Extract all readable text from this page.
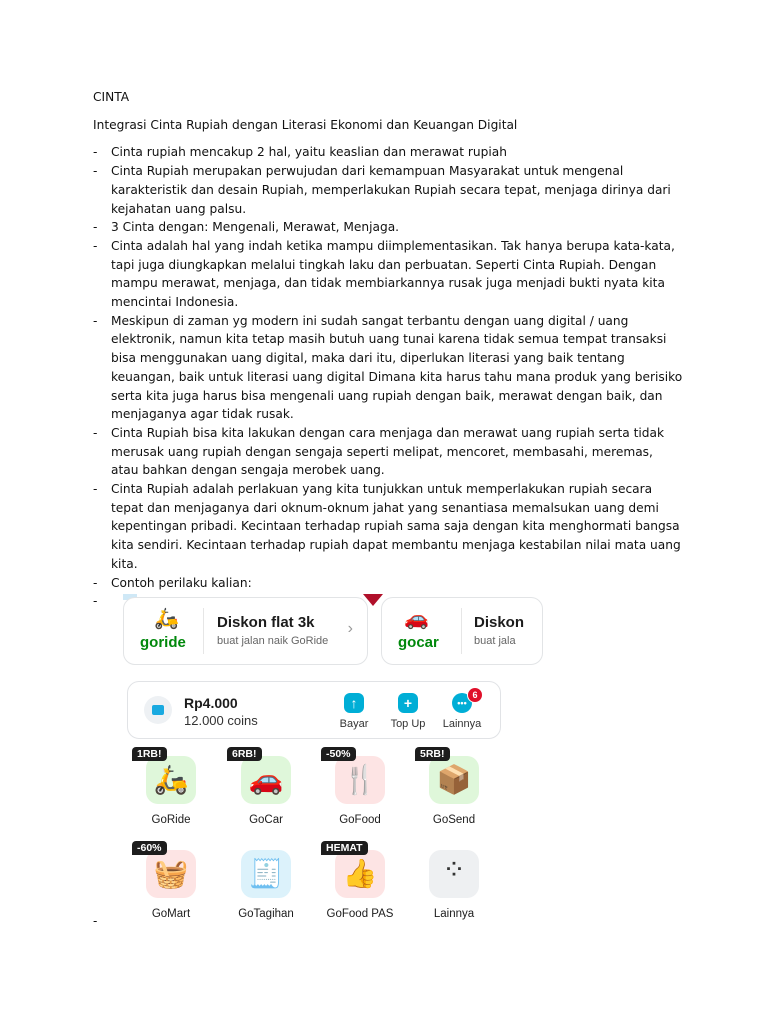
CINTA

Integrasi Cinta Rupiah dengan Literasi Ekonomi dan Keuangan Digital

- Cinta rupiah mencakup 2 hal, yaitu keaslian dan merawat rupiah
- Cinta Rupiah merupakan perwujudan dari kemampuan Masyarakat untuk mengenal karakteristik dan desain Rupiah, memperlakukan Rupiah secara tepat, menjaga dirinya dari kejahatan uang palsu.
- 3 Cinta dengan: Mengenali, Merawat, Menjaga.
- Cinta adalah hal yang indah ketika mampu diimplementasikan. Tak hanya berupa kata-kata, tapi juga diungkapkan melalui tingkah laku dan perbuatan. Seperti Cinta Rupiah. Dengan mampu merawat, menjaga, dan tidak membiarkannya rusak juga menjadi bukti nyata kita mencintai Indonesia.
- Meskipun di zaman yg modern ini sudah sangat terbantu dengan uang digital / uang elektronik, namun kita tetap masih butuh uang tunai karena tidak semua tempat transaksi bisa menggunakan uang digital, maka dari itu, diperlukan literasi yang baik tentang keuangan, baik untuk literasi uang digital Dimana kita harus tahu mana produk yang berisiko serta kita juga harus bisa mengenali uang rupiah dengan baik, merawat dengan baik, dan menjaganya agar tidak rusak.
- Cinta Rupiah bisa kita lakukan dengan cara menjaga dan merawat uang rupiah serta tidak merusak uang rupiah dengan sengaja seperti melipat, mencoret, membasahi, meremas, atau bahkan dengan sengaja merobek uang.
- Cinta Rupiah adalah perlakuan yang kita tunjukkan untuk memperlakukan rupiah secara tepat dan menjaganya dari oknum-oknum jahat yang senantiasa memalsukan uang demi kepentingan pribadi. Kecintaan terhadap rupiah sama saja dengan kita menghormati bangsa kita sendiri. Kecintaan terhadap rupiah dapat membantu menjaga kestabilan nilai mata uang kita.
- Contoh perilaku kalian:
-
goride
🛵	Diskon flat 3k
buat jalan naik GoRide
›
gocar
🚗	Diskon
buat jala
Rp4.000
12.000 coins
↑
Bayar
+
Top Up
•••
6
Lainnya
🛵
1RB!
GoRide
🚗
6RB!
GoCar
🍴
-50%
GoFood
📦
5RB!
GoSend
🧺
-60%
GoMart
🧾
GoTagihan
👍
HEMAT
GoFood PAS
⁘
Lainnya
-
